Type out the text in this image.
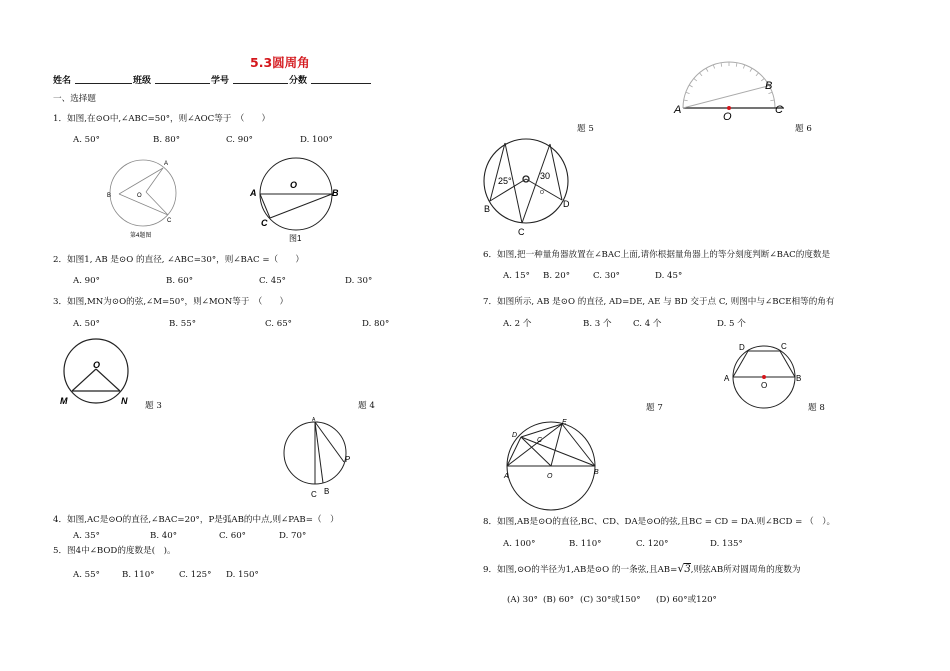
5.3圆周角
姓名	班级	学号	分数
一、选择题
1．如图,在⊙O中,∠ABC=50°，则∠AOC等于　（　　）
A. 50°	B. 80°	C. 90°	D. 100°
A
B
C
O
第4题图
A	B
C
O
图1
2．如图1, AB 是⊙O 的直径, ∠ABC=30°，则∠BAC =（　　）
A. 90°	B. 60°	C. 45°	D. 30°
3．如图,MN为⊙O的弦,∠M=50°，则∠MON等于　（　　）
A. 50°	B. 55°	C. 65°	D. 80°
O
M	N 题 3	题 4
P
B
C
A
4．如图,AC是⊙O的直径,∠BAC=20°，P是弧AB的中点,则∠PAB=（　）
A. 35°	B. 40°	C. 60°	D. 70°
5．图4中∠BOD的度数是(　)。
A. 55°	B. 110°	C. 125° D. 150°
A
B
C
O
题 5	题 6
25°	30
B
C
D
O
6．如图,把一种量角器放置在∠BAC上面,请你根据量角器上的等分刻度判断∠BAC的度数是
A. 15° B. 20°	C. 30°	D. 45°
7．如图所示, AB 是⊙O 的直径, AD=DE, AE 与 BD 交于点 C, 则图中与∠BCE相等的角有
A. 2 个	B. 3 个 C. 4 个	D. 5 个
A	B
C
D
O
题 7	题 8
E
D
C
A
B
O
8．如图,AB是⊙O的直径,BC、CD、DA是⊙O的弦,且BC = CD = DA.则∠BCD = （　）。
A. 100°	B. 110°	C. 120°	D. 135°
9．如图,⊙O的半径为1,AB是⊙O 的一条弦,且AB=√3,则弦AB所对圆周角的度数为
(A) 30° (B) 60° (C) 30°或150° (D) 60°或120°
